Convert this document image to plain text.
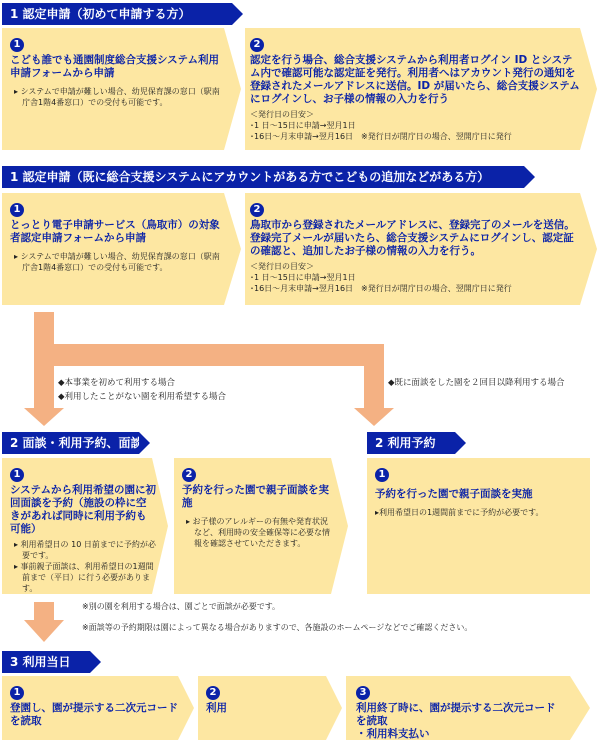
1 認定申請（初めて申請する方）
1
こども誰でも通園制度総合支援システム利用申請フォームから申請
▸ システムで申請が難しい場合、幼児保育課の窓口（駅南庁舎1階4番窓口）での受付も可能です。
2
認定を行う場合、総合支援システムから利用者ログイン ID とシステム内で確認可能な認定証を発行。利用者へはアカウント発行の通知を登録されたメールアドレスに送信。ID が届いたら、総合支援システムにログインし、お子様の情報の入力を行う
＜発行日の目安＞
･1 日～15日に申請→翌月1日
･16日～月末申請→翌月16日　※発行日が閉庁日の場合、翌開庁日に発行
1 認定申請（既に総合支援システムにアカウントがある方でこどもの追加などがある方）
1
とっとり電子申請サービス（鳥取市）の対象者認定申請フォームから申請
▸ システムで申請が難しい場合、幼児保育課の窓口（駅南庁舎1階4番窓口）での受付も可能です。
2
鳥取市から登録されたメールアドレスに、登録完了のメールを送信。登録完了メールが届いたら、総合支援システムにログインし、認定証の確認と、追加したお子様の情報の入力を行う。
＜発行日の目安＞
･1 日～15日に申請→翌月1日
･16日～月末申請→翌月16日　※発行日が閉庁日の場合、翌開庁日に発行
◆本事業を初めて利用する場合
◆利用したことがない園を利用希望する場合
◆既に面談をした園を２回目以降利用する場合
2 面談・利用予約、面談
1
システムから利用希望の園に初回面談を予約（施設の枠に空きがあれば同時に利用予約も可能）
▸ 利用希望日の 10 日前までに予約が必要です。
▸ 事前親子面談は、利用希望日の1週間前まで（平日）に行う必要があります。
2
予約を行った園で親子面談を実施
▸ お子様のアレルギーの有無や発育状況など、利用時の安全確保等に必要な情報を確認させていただきます。
※別の園を利用する場合は、園ごとで面談が必要です。
※面談等の予約期限は園によって異なる場合がありますので、各施設のホームページなどでご確認ください。
2 利用予約
1
予約を行った園で親子面談を実施
▸利用希望日の1週間前までに予約が必要です。
3 利用当日
1
登園し、園が提示する二次元コードを読取
2
利用
3
利用終了時に、園が提示する二次元コードを読取
・利用料支払い
